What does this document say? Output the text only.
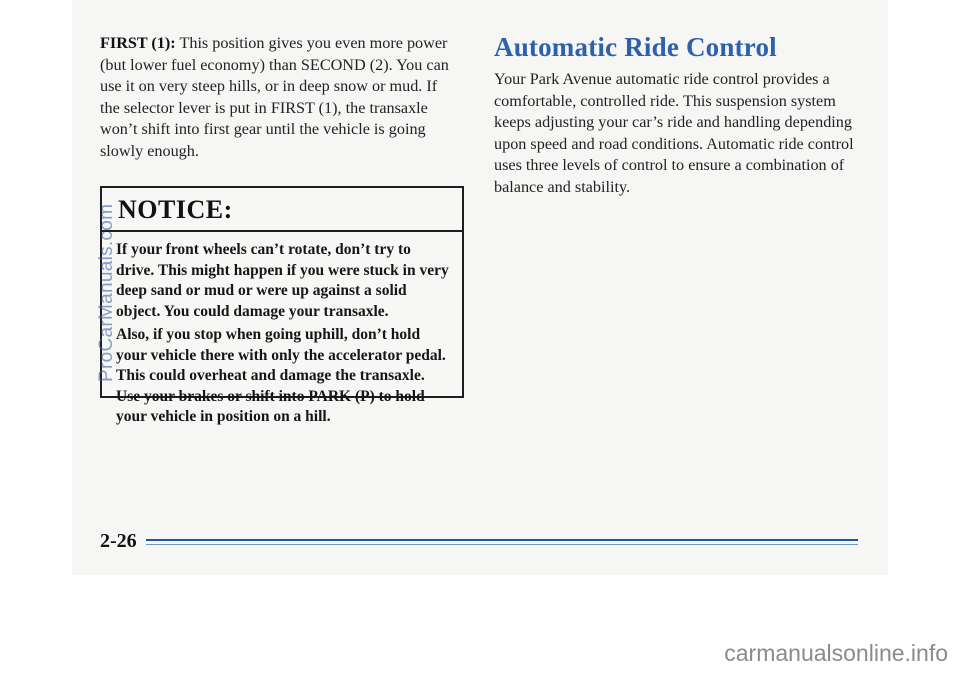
FIRST (1): This position gives you even more power (but lower fuel economy) than SECOND (2). You can use it on very steep hills, or in deep snow or mud. If the selector lever is put in FIRST (1), the transaxle won’t shift into first gear until the vehicle is going slowly enough.

NOTICE:

If your front wheels can’t rotate, don’t try to drive. This might happen if you were stuck in very deep sand or mud or were up against a solid object. You could damage your transaxle.

Also, if you stop when going uphill, don’t hold your vehicle there with only the accelerator pedal. This could overheat and damage the transaxle. Use your brakes or shift into PARK (P) to hold your vehicle in position on a hill.

Automatic Ride Control

Your Park Avenue automatic ride control provides a comfortable, controlled ride. This suspension system keeps adjusting your car’s ride and handling depending upon speed and road conditions. Automatic ride control uses three levels of control to ensure a combination of balance and stability.

2-26
ProCarManuals.com
carmanualsonline.info
